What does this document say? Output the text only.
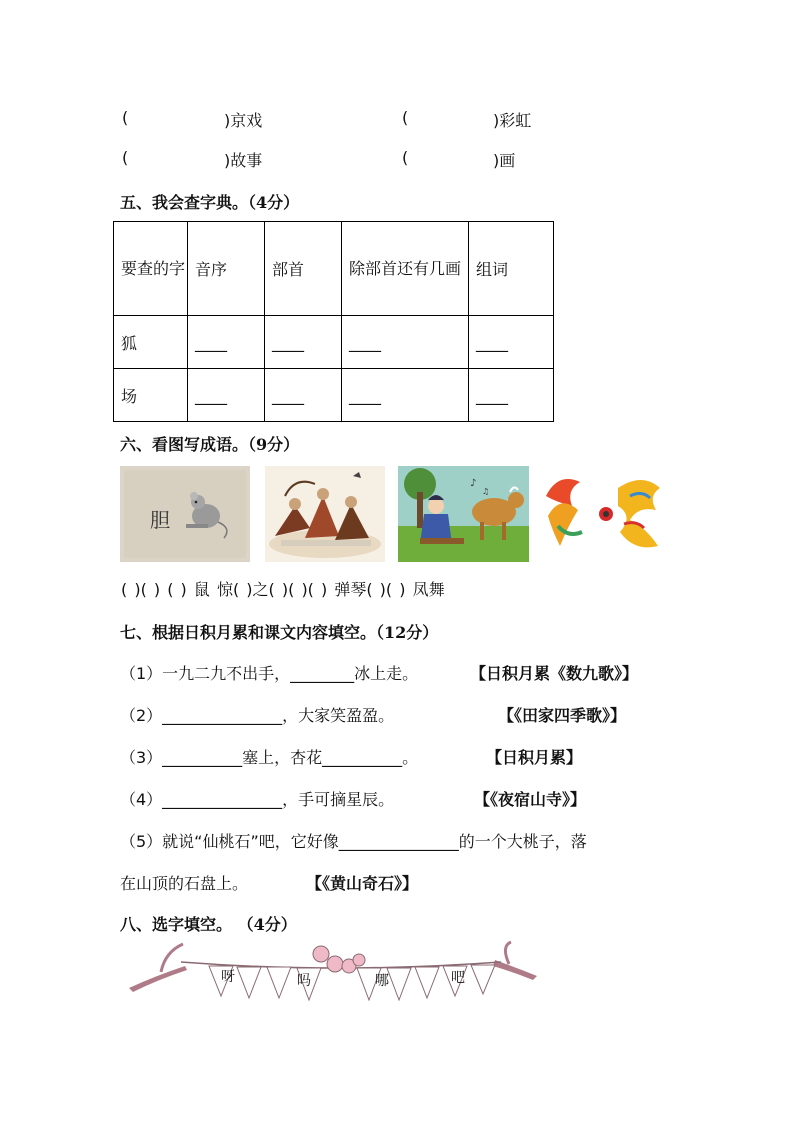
(	)京戏	(	)彩虹
(	)故事	(	)画
五、我会查字典。（4分）
要查的字	音序	部首	除部首还有几画	组词
狐	____	____	____	____
场	____	____	____	____
六、看图写成语。（9分）
胆
♪
♫
( )( ) ( ) 鼠 惊( )之( )( )( ) 弹琴( )( ) 凤舞
七、根据日积月累和课文内容填空。（12分）
（1）一九二九不出手，________冰上走。	【日积月累《数九歌》】
（2）_______________，大家笑盈盈。	【《田家四季歌》】
（3）__________塞上，杏花__________。	【日积月累】
（4）_______________，手可摘星辰。	【《夜宿山寺》】
（5）就说“仙桃石”吧，它好像_______________的一个大桃子，落
在山顶的石盘上。	【《黄山奇石》】
八、选字填空。 （4分）
呀	吗	哪	吧
